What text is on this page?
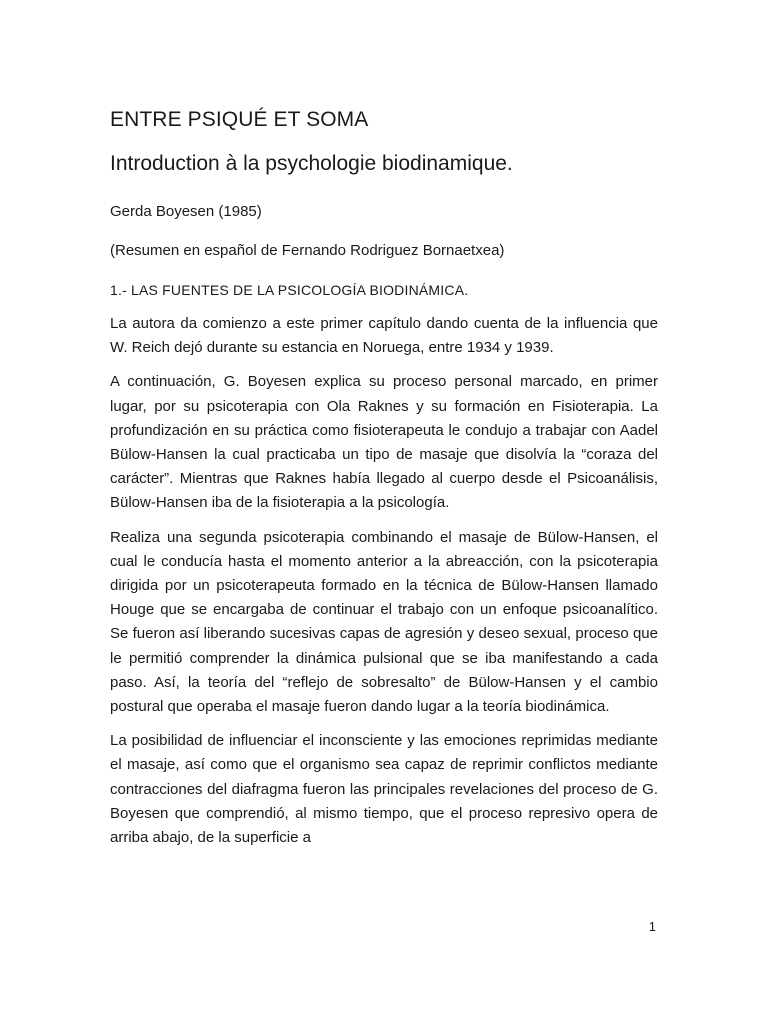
ENTRE PSIQUÉ ET SOMA
Introduction à la psychologie biodinamique.
Gerda Boyesen (1985)
(Resumen en español de Fernando Rodriguez Bornaetxea)
1.- LAS FUENTES DE LA PSICOLOGÍA BIODINÁMICA.

La autora da comienzo a este primer capítulo dando cuenta de la influencia que W. Reich dejó durante su estancia en Noruega, entre 1934 y 1939.

A continuación, G. Boyesen explica su proceso personal marcado, en primer lugar, por su psicoterapia con Ola Raknes y su formación en Fisioterapia. La profundización en su práctica como fisioterapeuta le condujo a trabajar con Aadel Bülow-Hansen la cual practicaba un tipo de masaje que disolvía la “coraza del carácter”. Mientras que Raknes había llegado al cuerpo desde el Psicoanálisis, Bülow-Hansen iba de la fisioterapia a la psicología.

Realiza una segunda psicoterapia combinando el masaje de Bülow-Hansen, el cual le conducía hasta el momento anterior a la abreacción, con la psicoterapia dirigida por un psicoterapeuta formado en la técnica de Bülow-Hansen llamado Houge que se encargaba de continuar el trabajo con un enfoque psicoanalítico. Se fueron así liberando sucesivas capas de agresión y deseo sexual, proceso que le permitió comprender la dinámica pulsional que se iba manifestando a cada paso. Así, la teoría del “reflejo de sobresalto” de Bülow-Hansen y el cambio postural que operaba el masaje fueron dando lugar a la teoría biodinámica.

La posibilidad de influenciar el inconsciente y las emociones reprimidas mediante el masaje, así como que el organismo sea capaz de reprimir conflictos mediante contracciones del diafragma fueron las principales revelaciones del proceso de G. Boyesen que comprendió, al mismo tiempo, que el proceso represivo opera de arriba abajo, de la superficie a

1
